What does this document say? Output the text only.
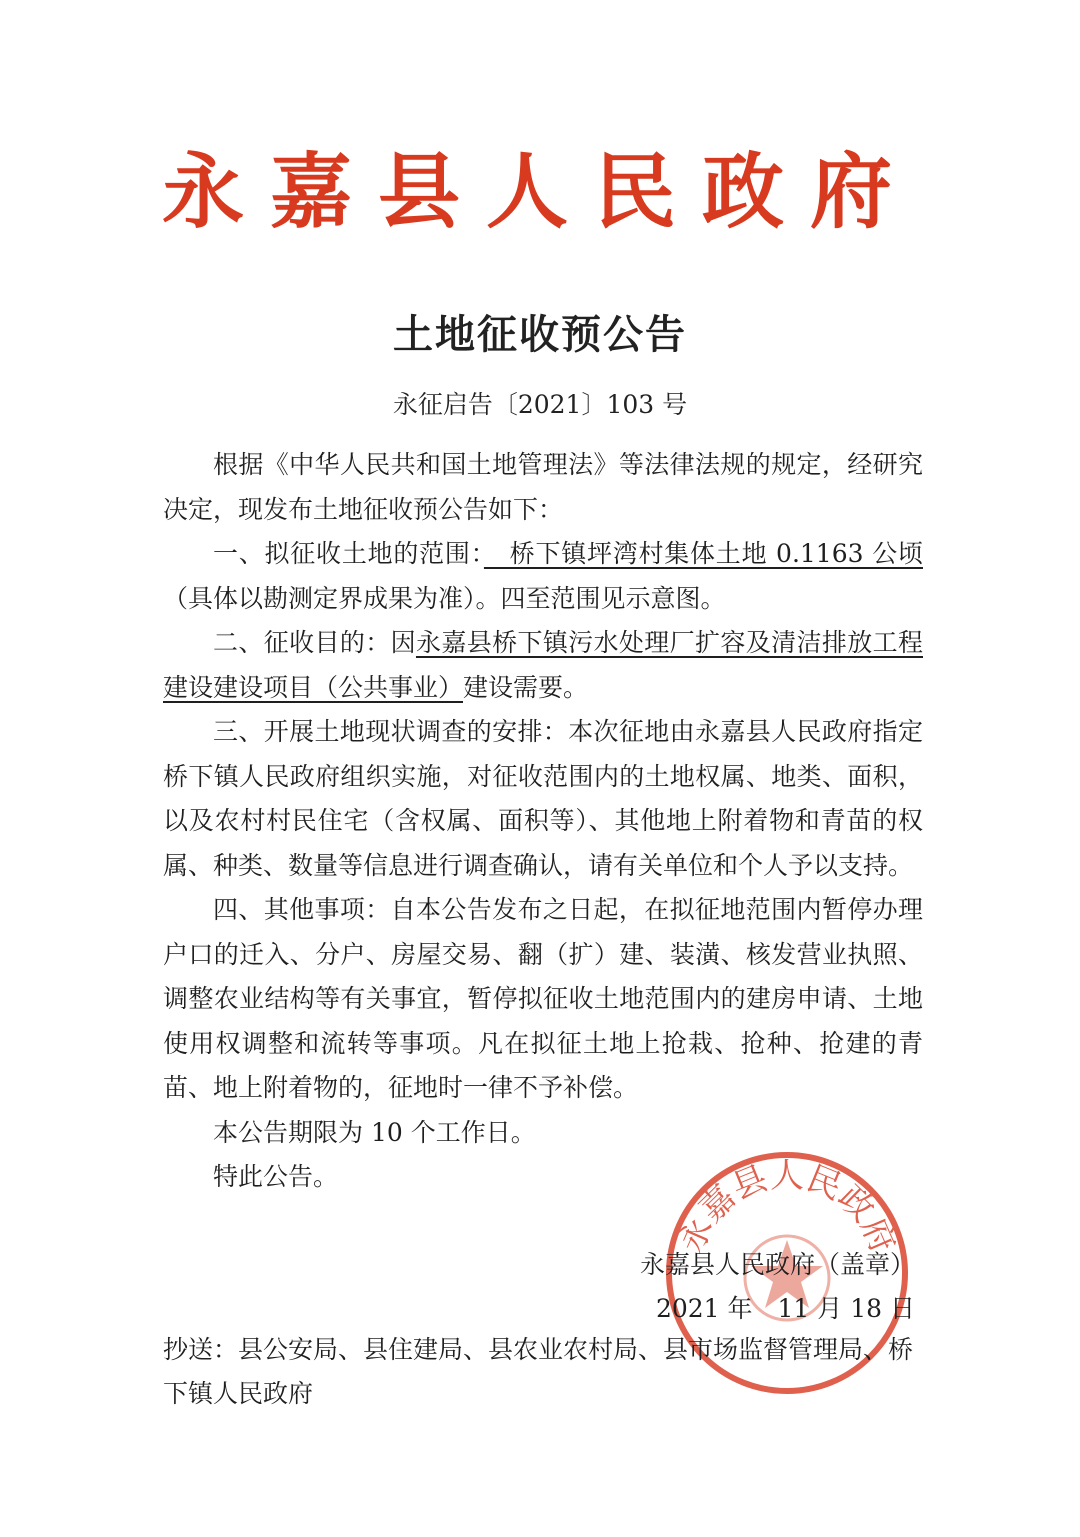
永嘉县人民政府
土地征收预公告
永征启告〔2021〕103 号

根据《中华人民共和国土地管理法》等法律法规的规定，经研究决定，现发布土地征收预公告如下：

一、拟征收土地的范围：　桥下镇坪湾村集体土地 0.1163 公顷（具体以勘测定界成果为准）。四至范围见示意图。

二、征收目的：因永嘉县桥下镇污水处理厂扩容及清洁排放工程建设建设项目（公共事业）建设需要。

三、开展土地现状调查的安排：本次征地由永嘉县人民政府指定桥下镇人民政府组织实施，对征收范围内的土地权属、地类、面积，以及农村村民住宅（含权属、面积等）、其他地上附着物和青苗的权属、种类、数量等信息进行调查确认，请有关单位和个人予以支持。

四、其他事项：自本公告发布之日起，在拟征地范围内暂停办理户口的迁入、分户、房屋交易、翻（扩）建、装潢、核发营业执照、调整农业结构等有关事宜，暂停拟征收土地范围内的建房申请、土地使用权调整和流转等事项。凡在拟征土地上抢栽、抢种、抢建的青苗、地上附着物的，征地时一律不予补偿。

本公告期限为 10 个工作日。

特此公告。

永嘉县人民政府
永嘉县人民政府（盖章）
2021 年　11 月 18 日
抄送：县公安局、县住建局、县农业农村局、县市场监督管理局、桥下镇人民政府
